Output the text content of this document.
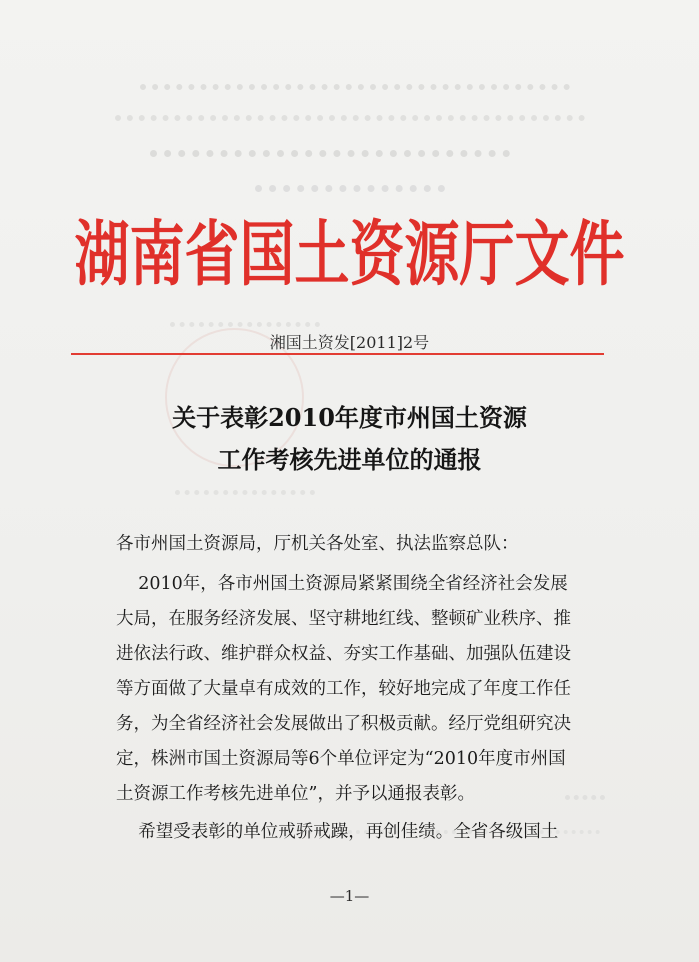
湖南省国土资源厅文件
湘国土资发[2011]2号
关于表彰2010年度市州国土资源
工作考核先进单位的通报
各市州国土资源局，厅机关各处室、执法监察总队：
2010年，各市州国土资源局紧紧围绕全省经济社会发展
大局，在服务经济发展、坚守耕地红线、整顿矿业秩序、推
进依法行政、维护群众权益、夯实工作基础、加强队伍建设
等方面做了大量卓有成效的工作，较好地完成了年度工作任
务，为全省经济社会发展做出了积极贡献。经厅党组研究决
定，株洲市国土资源局等6个单位评定为“2010年度市州国
土资源工作考核先进单位”，并予以通报表彰。
希望受表彰的单位戒骄戒躁，再创佳绩。全省各级国土
—1—
